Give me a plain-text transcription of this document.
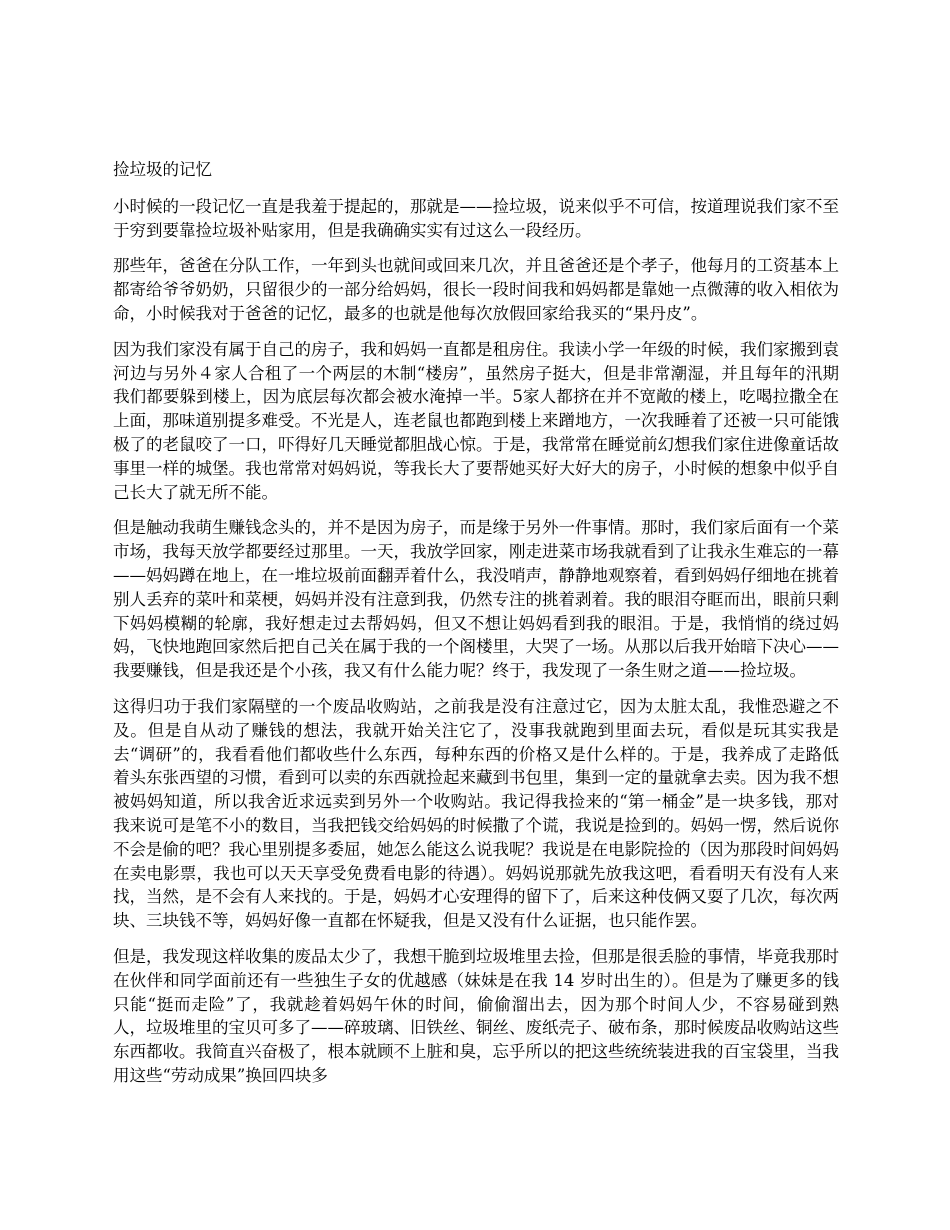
捡垃圾的记忆

小时候的一段记忆一直是我羞于提起的，那就是——捡垃圾，说来似乎不可信，按道理说我们家不至于穷到要靠捡垃圾补贴家用，但是我确确实实有过这么一段经历。

那些年，爸爸在分队工作，一年到头也就间或回来几次，并且爸爸还是个孝子，他每月的工资基本上都寄给爷爷奶奶，只留很少的一部分给妈妈，很长一段时间我和妈妈都是靠她一点微薄的收入相依为命，小时候我对于爸爸的记忆，最多的也就是他每次放假回家给我买的“果丹皮”。

因为我们家没有属于自己的房子，我和妈妈一直都是租房住。我读小学一年级的时候，我们家搬到袁河边与另外４家人合租了一个两层的木制“楼房”，虽然房子挺大，但是非常潮湿，并且每年的汛期我们都要躲到楼上，因为底层每次都会被水淹掉一半。5家人都挤在并不宽敞的楼上，吃喝拉撒全在上面，那味道别提多难受。不光是人，连老鼠也都跑到楼上来蹭地方，一次我睡着了还被一只可能饿极了的老鼠咬了一口，吓得好几天睡觉都胆战心惊。于是，我常常在睡觉前幻想我们家住进像童话故事里一样的城堡。我也常常对妈妈说，等我长大了要帮她买好大好大的房子，小时候的想象中似乎自己长大了就无所不能。

但是触动我萌生赚钱念头的，并不是因为房子，而是缘于另外一件事情。那时，我们家后面有一个菜市场，我每天放学都要经过那里。一天，我放学回家，刚走进菜市场我就看到了让我永生难忘的一幕——妈妈蹲在地上，在一堆垃圾前面翻弄着什么，我没哨声，静静地观察着，看到妈妈仔细地在挑着别人丢弃的菜叶和菜梗，妈妈并没有注意到我，仍然专注的挑着剥着。我的眼泪夺眶而出，眼前只剩下妈妈模糊的轮廓，我好想走过去帮妈妈，但又不想让妈妈看到我的眼泪。于是，我悄悄的绕过妈妈，飞快地跑回家然后把自己关在属于我的一个阁楼里，大哭了一场。从那以后我开始暗下决心——我要赚钱，但是我还是个小孩，我又有什么能力呢？终于，我发现了一条生财之道——捡垃圾。

这得归功于我们家隔壁的一个废品收购站，之前我是没有注意过它，因为太脏太乱，我惟恐避之不及。但是自从动了赚钱的想法，我就开始关注它了，没事我就跑到里面去玩，看似是玩其实我是去“调研”的，我看看他们都收些什么东西，每种东西的价格又是什么样的。于是，我养成了走路低着头东张西望的习惯，看到可以卖的东西就捡起来藏到书包里，集到一定的量就拿去卖。因为我不想被妈妈知道，所以我舍近求远卖到另外一个收购站。我记得我捡来的“第一桶金”是一块多钱，那对我来说可是笔不小的数目，当我把钱交给妈妈的时候撒了个谎，我说是捡到的。妈妈一愣，然后说你不会是偷的吧？我心里别提多委屈，她怎么能这么说我呢？我说是在电影院捡的（因为那段时间妈妈在卖电影票，我也可以天天享受免费看电影的待遇）。妈妈说那就先放我这吧，看看明天有没有人来找，当然，是不会有人来找的。于是，妈妈才心安理得的留下了，后来这种伎俩又耍了几次，每次两块、三块钱不等，妈妈好像一直都在怀疑我，但是又没有什么证据，也只能作罢。

但是，我发现这样收集的废品太少了，我想干脆到垃圾堆里去捡，但那是很丢脸的事情，毕竟我那时在伙伴和同学面前还有一些独生子女的优越感（妹妹是在我 14 岁时出生的）。但是为了赚更多的钱只能“挺而走险”了，我就趁着妈妈午休的时间，偷偷溜出去，因为那个时间人少，不容易碰到熟人，垃圾堆里的宝贝可多了——碎玻璃、旧铁丝、铜丝、废纸壳子、破布条，那时候废品收购站这些东西都收。我简直兴奋极了，根本就顾不上脏和臭，忘乎所以的把这些统统装进我的百宝袋里，当我用这些“劳动成果”换回四块多
